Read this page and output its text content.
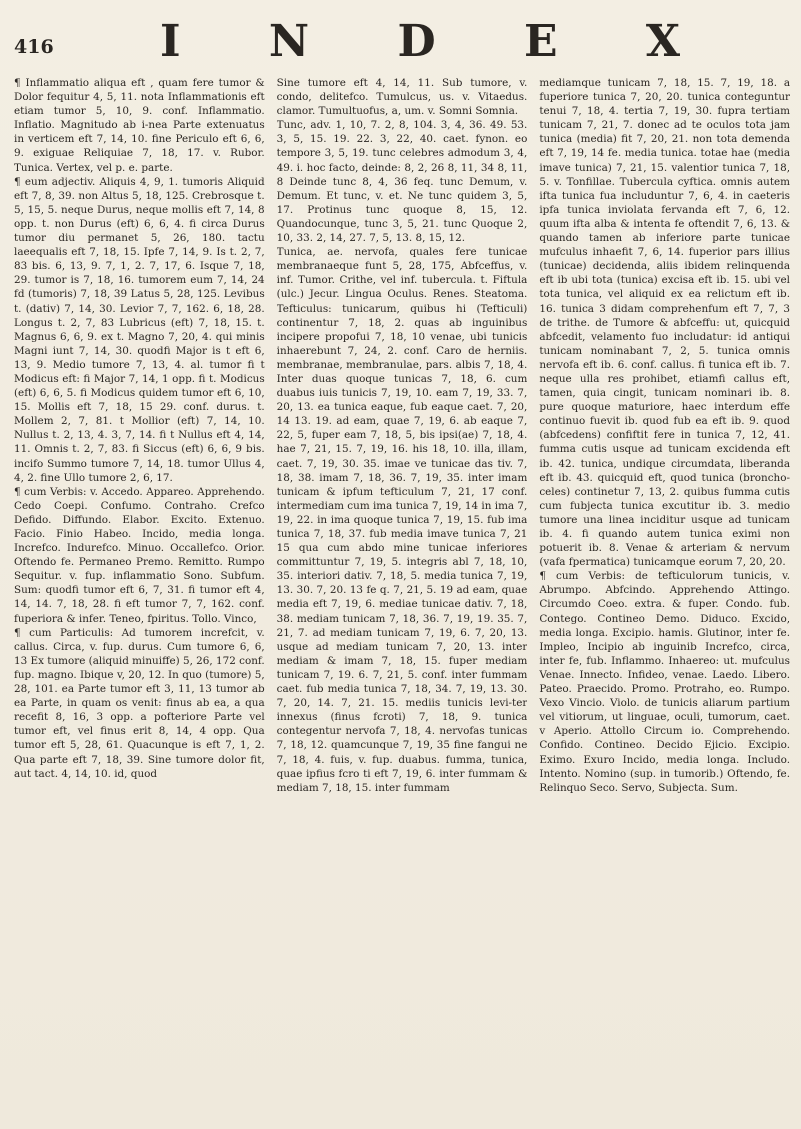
416 I N D E X

¶ Inflammatio aliqua eft , quam fere tumor & Dolor fequitur 4, 5, 11. nota Inflammationis eft etiam tumor 5, 10, 9. conf. Inflammatio. Inflatio. Magnitudo ab i-nea Parte extenuatus in verticem eft 7, 14, 10. fine Periculo eft 6, 6, 9. exiguae Reliquiae 7, 18, 17. v. Rubor. Tunica. Vertex, vel p. e. parte.

¶ eum adjectiv. Aliquis 4, 9, 1. tumoris Aliquid eft 7, 8, 39. non Altus 5, 18, 125. Crebrosque t. 5, 15, 5. neque Durus, neque mollis eft 7, 14, 8 opp. t. non Durus (eft) 6, 6, 4. fi circa Durus tumor diu permanet 5, 26, 180. tactu laeequalis eft 7, 18, 15. Ipfe 7, 14, 9. Is t. 2, 7, 83 bis. 6, 13, 9. 7, 1, 2. 7, 17, 6. Isque 7, 18, 29. tumor is 7, 18, 16. tumorem eum 7, 14, 24 fd (tumoris) 7, 18, 39 Latus 5, 28, 125. Levibus t. (dativ) 7, 14, 30. Levior 7, 7, 162. 6, 18, 28. Longus t. 2, 7, 83 Lubricus (eft) 7, 18, 15. t. Magnus 6, 6, 9. ex t. Magno 7, 20, 4. qui minis Magni iunt 7, 14, 30. quodfi Major is t eft 6, 13, 9. Medio tumore 7, 13, 4. al. tumor fi t Modicus eft: fi Major 7, 14, 1 opp. fi t. Modicus (eft) 6, 6, 5. fi Modicus quidem tumor eft 6, 10, 15. Mollis eft 7, 18, 15 29. conf. durus. t. Mollem 2, 7, 81. t Mollior (eft) 7, 14, 10. Nullus t. 2, 13, 4. 3, 7, 14. fi t Nullus eft 4, 14, 11. Omnis t. 2, 7, 83. fi Siccus (eft) 6, 6, 9 bis. incifo Summo tumore 7, 14, 18. tumor Ullus 4, 4, 2. fine Ullo tumore 2, 6, 17.

¶ cum Verbis: v. Accedo. Appareo. Apprehendo. Cedo Coepi. Confumo. Contraho. Crefco Defido. Diffundo. Elabor. Excito. Extenuo. Facio. Finio Habeo. Incido, media longa. Increfco. Indurefco. Minuo. Occallefco. Orior. Oftendo fe. Permaneo Premo. Remitto. Rumpo Sequitur. v. fup. inflammatio Sono. Subfum. Sum: quodfi tumor eft 6, 7, 31. fi tumor eft 4, 14, 14. 7, 18, 28. fi eft tumor 7, 7, 162. conf. fuperiora & infer. Teneo, fpiritus. Tollo. Vinco,

¶ cum Particulis: Ad tumorem increfcit, v. callus. Circa, v. fup. durus. Cum tumore 6, 6, 13 Ex tumore (aliquid minuiffe) 5, 26, 172 conf. fup. magno. Ibique v, 20, 12. In quo (tumore) 5, 28, 101. ea Parte tumor eft 3, 11, 13 tumor ab ea Parte, in quam os venit: finus ab ea, a qua recefit 8, 16, 3 opp. a pofteriore Parte vel tumor eft, vel finus erit 8, 14, 4 opp. Qua tumor eft 5, 28, 61. Quacunque is eft 7, 1, 2. Qua parte eft 7, 18, 39. Sine tumore dolor fit, aut tact. 4, 14, 10. id, quod

Sine tumore eft 4, 14, 11. Sub tumore, v. condo, delitefco. Tumulcus, us. v. Vitaedus. clamor. Tumultuofus, a, um. v. Somni Somnia.

Tunc, adv. 1, 10, 7. 2, 8, 104. 3, 4, 36. 49. 53. 3, 5, 15. 19. 22. 3, 22, 40. caet. fynon. eo tempore 3, 5, 19. tunc celebres admodum 3, 4, 49. i. hoc facto, deinde: 8, 2, 26 8, 11, 34 8, 11, 8 Deinde tunc 8, 4, 36 feq. tunc Demum, v. Demum. Et tunc, v. et. Ne tunc quidem 3, 5, 17. Protinus tunc quoque 8, 15, 12. Quandocunque, tunc 3, 5, 21. tunc Quoque 2, 10, 33. 2, 14, 27. 7, 5, 13. 8, 15, 12.

Tunica, ae. nervofa, quales fere tunicae membranaeque funt 5, 28, 175, Abfceffus, v. inf. Tumor. Crithe, vel inf. tubercula. t. Fiftula (ulc.) Jecur. Lingua Oculus. Renes. Steatoma. Tefticulus: tunicarum, quibus hi (Tefticuli) continentur 7, 18, 2. quas ab inguinibus incipere propofui 7, 18, 10 venae, ubi tunicis inhaerebunt 7, 24, 2. conf. Caro de herniis. membranae, membranulae, pars. albis 7, 18, 4. Inter duas quoque tunicas 7, 18, 6. cum duabus iuis tunicis 7, 19, 10. eam 7, 19, 33. 7, 20, 13. ea tunica eaque, fub eaque caet. 7, 20, 14 13. 19. ad eam, quae 7, 19, 6. ab eaque 7, 22, 5, fuper eam 7, 18, 5, bis ipsi(ae) 7, 18, 4. hae 7, 21, 15. 7, 19, 16. his 18, 10. illa, illam, caet. 7, 19, 30. 35. imae ve tunicae das tiv. 7, 18, 38. imam 7, 18, 36. 7, 19, 35. inter imam tunicam & ipfum tefticulum 7, 21, 17 conf. intermediam cum ima tunica 7, 19, 14 in ima 7, 19, 22. in ima quoque tunica 7, 19, 15. fub ima tunica 7, 18, 37. fub media imave tunica 7, 21 15 qua cum abdo mine tunicae inferiores committuntur 7, 19, 5. integris abl 7, 18, 10, 35. interiori dativ. 7, 18, 5. media tunica 7, 19, 13. 30. 7, 20. 13 fe q. 7, 21, 5. 19 ad eam, quae media eft 7, 19, 6. mediae tunicae dativ. 7, 18, 38. mediam tunicam 7, 18, 36. 7, 19, 19. 35. 7, 21, 7. ad mediam tunicam 7, 19, 6. 7, 20, 13. usque ad mediam tunicam 7, 20, 13. inter mediam & imam 7, 18, 15. fuper mediam tunicam 7, 19. 6. 7, 21, 5. conf. inter fummam caet. fub media tunica 7, 18, 34. 7, 19, 13. 30. 7, 20, 14. 7, 21. 15. mediis tunicis levi-ter innexus (finus fcroti) 7, 18, 9. tunica contegentur nervofa 7, 18, 4. nervofas tunicas 7, 18, 12. quamcunque 7, 19, 35 fine fangui ne 7, 18, 4. fuis, v. fup. duabus. fumma, tunica, quae ipfius fcro ti eft 7, 19, 6. inter fummam & mediam 7, 18, 15. inter fummam

mediamque tunicam 7, 18, 15. 7, 19, 18. a fuperiore tunica 7, 20, 20. tunica conteguntur tenui 7, 18, 4. tertia 7, 19, 30. fupra tertiam tunicam 7, 21, 7. donec ad te oculos tota jam tunica (media) fit 7, 20, 21. non tota demenda eft 7, 19, 14 fe. media tunica. totae hae (media imave tunica) 7, 21, 15. valentior tunica 7, 18, 5. v. Tonfillae. Tubercula cyftica. omnis autem ifta tunica fua includuntur 7, 6, 4. in caeteris ipfa tunica inviolata fervanda eft 7, 6, 12. quum ifta alba & intenta fe oftendit 7, 6, 13. & quando tamen ab inferiore parte tunicae mufculus inhaefit 7, 6, 14. fuperior pars illius (tunicae) decidenda, aliis ibidem relinquenda eft ib ubi tota (tunica) excisa eft ib. 15. ubi vel tota tunica, vel aliquid ex ea relictum eft ib. 16. tunica 3 didam comprehenfum eft 7, 7, 3 de trithe. de Tumore & abfceffu: ut, quicquid abfcedit, velamento fuo includatur: id antiqui tunicam nominabant 7, 2, 5. tunica omnis nervofa eft ib. 6. conf. callus. fi tunica eft ib. 7. neque ulla res prohibet, etiamfi callus eft, tamen, quia cingit, tunicam nominari ib. 8. pure quoque maturiore, haec interdum effe continuo fuevit ib. quod fub ea eft ib. 9. quod (abfcedens) confiftit fere in tunica 7, 12, 41. fumma cutis usque ad tunicam excidenda eft ib. 42. tunica, undique circumdata, liberanda eft ib. 43. quicquid eft, quod tunica (broncho-celes) continetur 7, 13, 2. quibus fumma cutis cum fubjecta tunica excutitur ib. 3. medio tumore una linea inciditur usque ad tunicam ib. 4. fi quando autem tunica eximi non potuerit ib. 8. Venae & arteriam & nervum (vafa fpermatica) tunicamque eorum 7, 20, 20.

¶ cum Verbis: de tefticulorum tunicis, v. Abrumpo. Abfcindo. Apprehendo Attingo. Circumdo Coeo. extra. & fuper. Condo. fub. Contego. Contineo Demo. Diduco. Excido, media longa. Excipio. hamis. Glutinor, inter fe. Impleo, Incipio ab inguinib Increfco, circa, inter fe, fub. Inflammo. Inhaereo: ut. mufculus Venae. Innecto. Infideo, venae. Laedo. Libero. Pateo. Praecido. Promo. Protraho, eo. Rumpo. Vexo Vincio. Violo. de tunicis aliarum partium vel vitiorum, ut linguae, oculi, tumorum, caet. v Aperio. Attollo Circum io. Comprehendo. Confido. Contineo. Decido Ejicio. Excipio. Eximo. Exuro Incido, media longa. Includo. Intento. Nomino (sup. in tumorib.) Oftendo, fe. Relinquo Seco. Servo, Subjecta. Sum.
